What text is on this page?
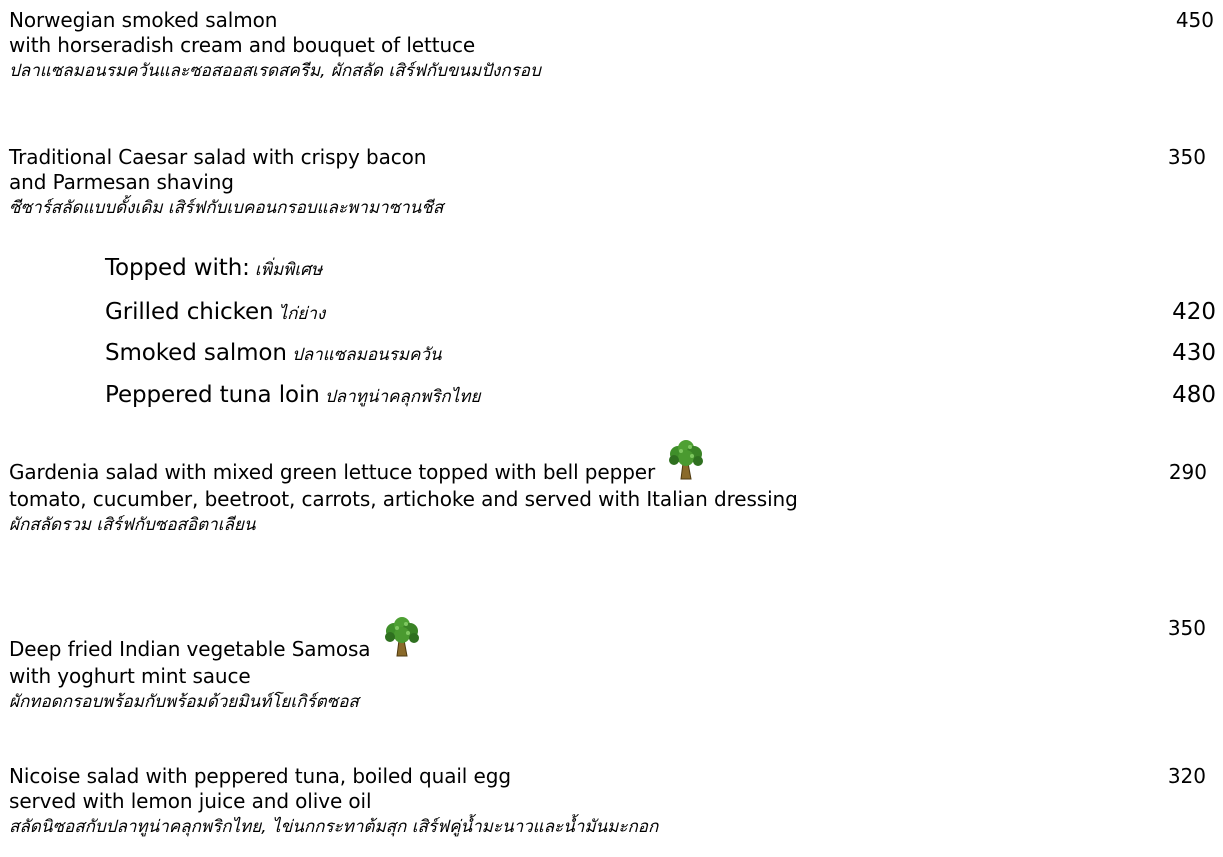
Norwegian smoked salmon
with horseradish cream and bouquet of lettuce
ปลาแซลมอนรมควันและซอสออสเรดสครีม, ผักสลัด เสิร์ฟกับขนมปังกรอบ
450
Traditional Caesar salad with crispy bacon
and Parmesan shaving
ซีซาร์สลัดแบบดั้งเดิม เสิร์ฟกับเบคอนกรอบและพามาซานชีส
350
Topped with: เพิ่มพิเศษ
Grilled chicken ไก่ย่าง	420
Smoked salmon ปลาแซลมอนรมควัน	430
Peppered tuna loin ปลาทูน่าคลุกพริกไทย	480
Gardenia salad with mixed green lettuce topped with bell pepper
tomato, cucumber, beetroot, carrots, artichoke and served with Italian dressing
ผักสลัดรวม เสิร์ฟกับซอสอิตาเลียน
290
Deep fried Indian vegetable Samosa
with yoghurt mint sauce
ผักทอดกรอบพร้อมกับพร้อมด้วยมินท์โยเกิร์ตซอส
350
Nicoise salad with peppered tuna, boiled quail egg
served with lemon juice and olive oil
สลัดนิซอสกับปลาทูน่าคลุกพริกไทย, ไข่นกกระทาต้มสุก เสิร์ฟคู่น้ำมะนาวและน้ำมันมะกอก
320
